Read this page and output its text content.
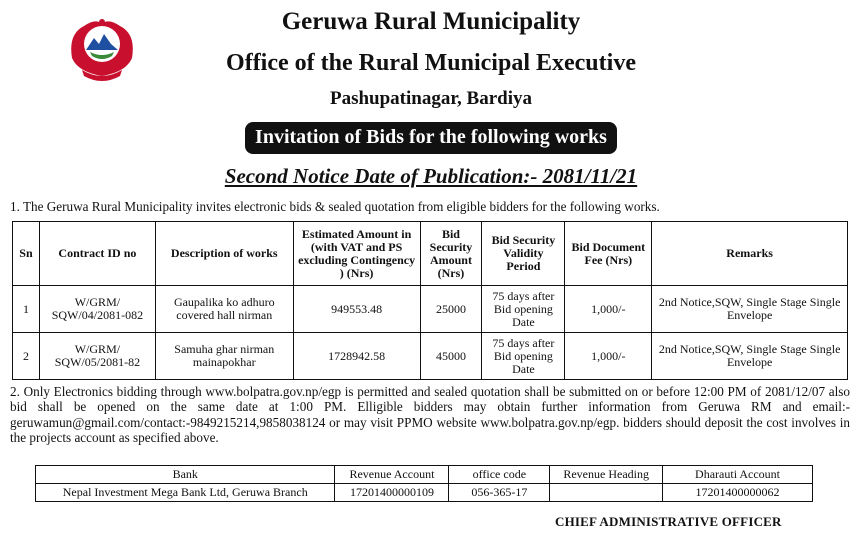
Geruwa Rural Municipality
Office of the Rural Municipal Executive
Pashupatinagar, Bardiya
Invitation of Bids for the following works
Second Notice Date of Publication:- 2081/11/21
1. The Geruwa Rural Municipality invites electronic bids & sealed quotation from eligible bidders for the following works.
Sn	Contract ID no	Description of works	Estimated Amount in (with VAT and PS excluding Contingency ) (Nrs)	Bid Security Amount (Nrs)	Bid Security Validity Period	Bid Document Fee (Nrs)	Remarks
1	W/GRM/ SQW/04/2081-082	Gaupalika ko adhuro covered hall nirman	949553.48	25000	75 days after Bid opening Date	1,000/-	2nd Notice,SQW, Single Stage Single Envelope
2	W/GRM/ SQW/05/2081-82	Samuha ghar nirman mainapokhar	1728942.58	45000	75 days after Bid opening Date	1,000/-	2nd Notice,SQW, Single Stage Single Envelope
2. Only Electronics bidding through www.bolpatra.gov.np/egp is permitted and sealed quotation shall be submitted on or before 12:00 PM of 2081/12/07 also bid shall be opened on the same date at 1:00 PM. Elligible bidders may obtain further information from Geruwa RM and email:- geruwamun@gmail.com/contact:-9849215214,9858038124 or may visit PPMO website www.bolpatra.gov.np/egp. bidders should deposit the cost involves in the projects account as specified above.
Bank	Revenue Account	office code	Revenue Heading	Dharauti Account
Nepal Investment Mega Bank Ltd, Geruwa Branch	17201400000109	056-365-17		17201400000062
CHIEF ADMINISTRATIVE OFFICER
